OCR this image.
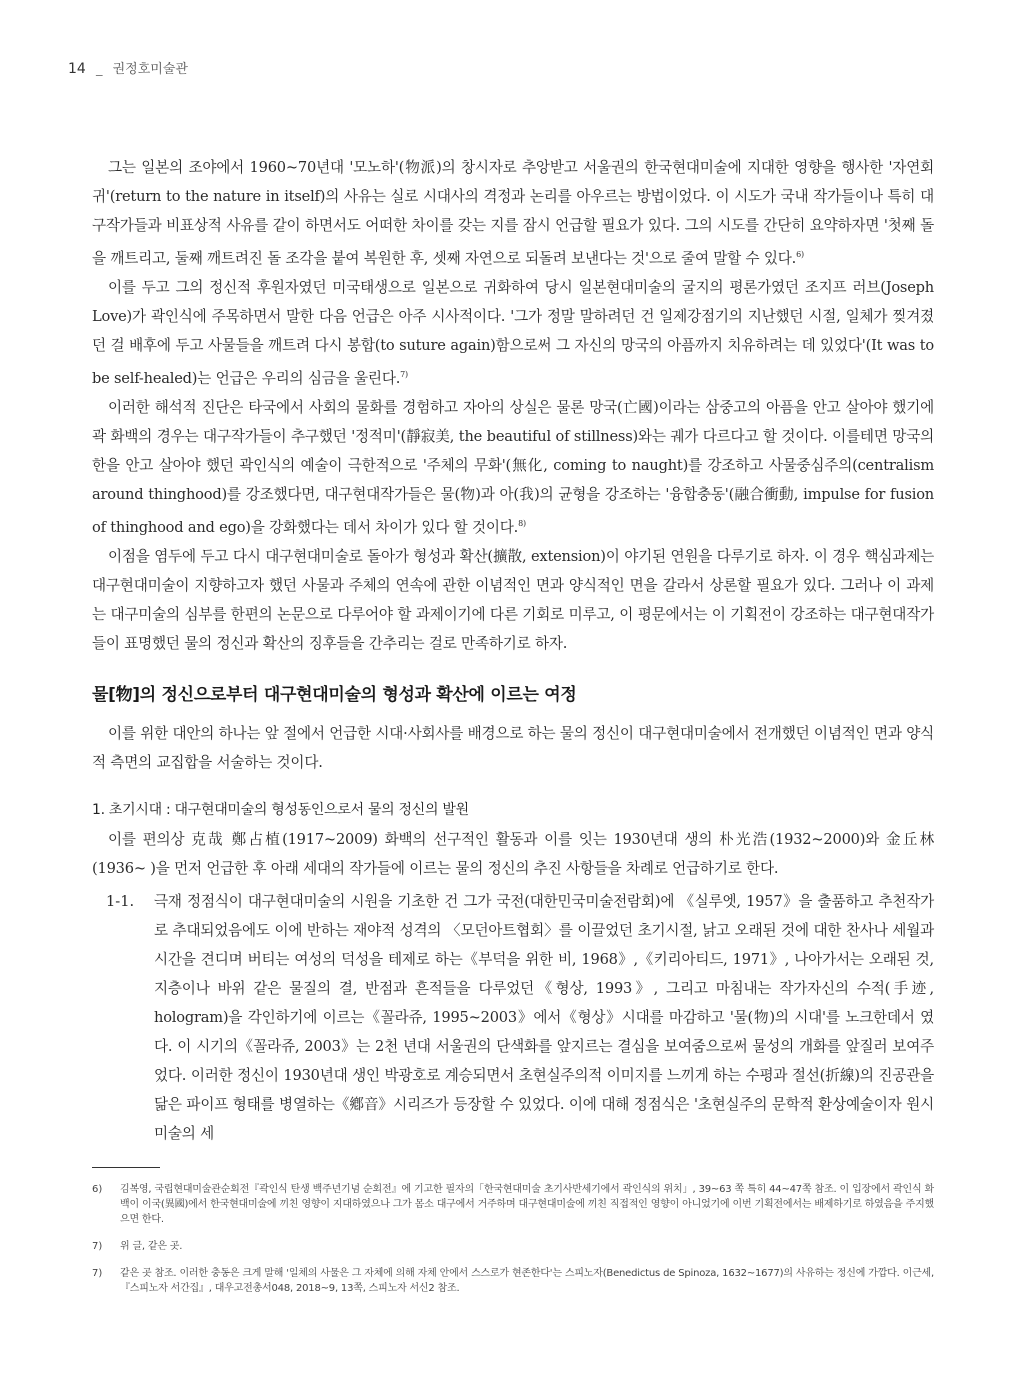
14 _ 권정호미술관

그는 일본의 조야에서 1960~70년대 '모노하'(物派)의 창시자로 추앙받고 서울권의 한국현대미술에 지대한 영향을 행사한 '자연회귀'(return to the nature in itself)의 사유는 실로 시대사의 격정과 논리를 아우르는 방법이었다. 이 시도가 국내 작가들이나 특히 대구작가들과 비표상적 사유를 같이 하면서도 어떠한 차이를 갖는 지를 잠시 언급할 필요가 있다. 그의 시도를 간단히 요약하자면 '첫째 돌을 깨트리고, 둘째 깨트려진 돌 조각을 붙여 복원한 후, 셋째 자연으로 되돌려 보낸다는 것'으로 줄여 말할 수 있다.$^{6)}$

이를 두고 그의 정신적 후원자였던 미국태생으로 일본으로 귀화하여 당시 일본현대미술의 굴지의 평론가였던 조지프 러브(Joseph Love)가 곽인식에 주목하면서 말한 다음 언급은 아주 시사적이다. '그가 정말 말하려던 건 일제강점기의 지난했던 시절, 일체가 찢겨졌던 걸 배후에 두고 사물들을 깨트려 다시 봉합(to suture again)함으로써 그 자신의 망국의 아픔까지 치유하려는 데 있었다'(It was to be self-healed)는 언급은 우리의 심금을 울린다.$^{7)}$

이러한 해석적 진단은 타국에서 사회의 물화를 경험하고 자아의 상실은 물론 망국(亡國)이라는 삼중고의 아픔을 안고 살아야 했기에 곽 화백의 경우는 대구작가들이 추구했던 '정적미'(靜寂美, the beautiful of stillness)와는 궤가 다르다고 할 것이다. 이를테면 망국의 한을 안고 살아야 했던 곽인식의 예술이 극한적으로 '주체의 무화'(無化, coming to naught)를 강조하고 사물중심주의(centralism around thinghood)를 강조했다면, 대구현대작가들은 물(物)과 아(我)의 균형을 강조하는 '융합충동'(融合衝動, impulse for fusion of thinghood and ego)을 강화했다는 데서 차이가 있다 할 것이다.$^{8)}$

이점을 염두에 두고 다시 대구현대미술로 돌아가 형성과 확산(擴散, extension)이 야기된 연원을 다루기로 하자. 이 경우 핵심과제는 대구현대미술이 지향하고자 했던 사물과 주체의 연속에 관한 이념적인 면과 양식적인 면을 갈라서 상론할 필요가 있다. 그러나 이 과제는 대구미술의 심부를 한편의 논문으로 다루어야 할 과제이기에 다른 기회로 미루고, 이 평문에서는 이 기획전이 강조하는 대구현대작가들이 표명했던 물의 정신과 확산의 징후들을 간추리는 걸로 만족하기로 하자.

물[物]의 정신으로부터 대구현대미술의 형성과 확산에 이르는 여정

이를 위한 대안의 하나는 앞 절에서 언급한 시대·사회사를 배경으로 하는 물의 정신이 대구현대미술에서 전개했던 이념적인 면과 양식적 측면의 교집합을 서술하는 것이다.

1. 초기시대 : 대구현대미술의 형성동인으로서 물의 정신의 발원

이를 편의상 克哉 鄭占植(1917~2009) 화백의 선구적인 활동과 이를 잇는 1930년대 생의 朴光浩(1932~2000)와 金丘林(1936~ )을 먼저 언급한 후 아래 세대의 작가들에 이르는 물의 정신의 추진 사항들을 차례로 언급하기로 한다.

1-1.	극재 정점식이 대구현대미술의 시원을 기초한 건 그가 국전(대한민국미술전람회)에 《실루엣, 1957》을 출품하고 추천작가로 추대되었음에도 이에 반하는 재야적 성격의 〈모던아트협회〉를 이끌었던 초기시절, 낡고 오래된 것에 대한 찬사나 세월과 시간을 견디며 버티는 여성의 덕성을 테제로 하는《부덕을 위한 비, 1968》,《키리아티드, 1971》, 나아가서는 오래된 것, 지층이나 바위 같은 물질의 결, 반점과 흔적들을 다루었던《형상, 1993》, 그리고 마침내는 작가자신의 수적(手迹, hologram)을 각인하기에 이르는《꼴라쥬, 1995~2003》에서《형상》시대를 마감하고 '물(物)의 시대'를 노크한데서 였다. 이 시기의《꼴라쥬, 2003》는 2천 년대 서울권의 단색화를 앞지르는 결심을 보여줌으로써 물성의 개화를 앞질러 보여주었다. 이러한 정신이 1930년대 생인 박광호로 계승되면서 초현실주의적 이미지를 느끼게 하는 수평과 절선(折線)의 진공관을 닮은 파이프 형태를 병열하는《鄕音》시리즈가 등장할 수 있었다. 이에 대해 정점식은 '초현실주의 문학적 환상예술이자 원시미술의 세

6)	김복영, 국립현대미술관순회전『곽인식 탄생 백주년기념 순회전』에 기고한 필자의「한국현대미술 초기사반세기에서 곽인식의 위치」, 39~63 쪽 특히 44~47쪽 참조. 이 입장에서 곽인식 화백이 이국(異國)에서 한국현대미술에 끼친 영향이 지대하였으나 그가 몸소 대구에서 거주하며 대구현대미술에 끼친 직접적인 영향이 아니었기에 이번 기획전에서는 배제하기로 하였음을 주지했으면 한다.
7)	위 글, 같은 곳.
7)	같은 곳 참조. 이러한 충동은 크게 말해 '일체의 사물은 그 자체에 의해 자체 안에서 스스로가 현존한다'는 스피노자(Benedictus de Spinoza, 1632~1677)의 사유하는 정신에 가깝다. 이근세, 『스피노자 서간집』, 대우고전총서048, 2018~9, 13쪽, 스피노자 서신2 참조.
